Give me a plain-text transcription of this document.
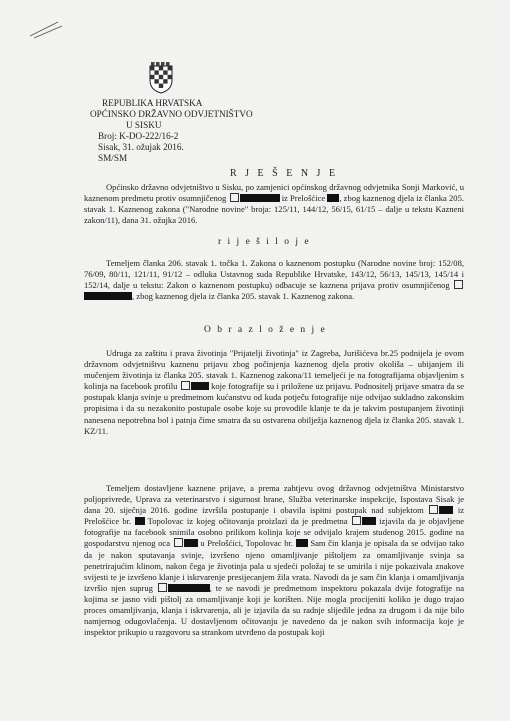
REPUBLIKA HRVATSKA
OPĆINSKO DRŽAVNO ODVJETNIŠTVO
U SISKU
Broj: K-DO-222/16-2
Sisak, 31. ožujak 2016.
SM/SM
R J E Š E N J E
Općinsko državno odvjetništvo u Sisku, po zamjenici općinskog državnog odvjetnika Sonji Marković, u kaznenom predmetu protiv osumnjičenog	iz Prelošćice , zbog kaznenog djela iz članka 205. stavak 1. Kaznenog zakona ("Narodne novine" broja: 125/11, 144/12, 56/15, 61/15 – dalje u tekstu Kazneni zakon/11), dana 31. ožujka 2016.
r i j e š i l o j e
Temeljem članka 206. stavak 1. točka 1. Zakona o kaznenom postupku (Narodne novine broj: 152/08, 76/09, 80/11, 121/11, 91/12 – odluka Ustavnog suda Republike Hrvatske, 143/12, 56/13, 145/13, 145/14 i 152/14, dalje u tekstu: Zakon o kaznenom postupku) odbacuje se kaznena prijava protiv osumnjičenog , zbog kaznenog djela iz članka 205. stavak 1. Kaznenog zakona.
O b r a z l o ž e n j e
Udruga za zaštitu i prava životinja "Prijatelji životinja" iz Zagreba, Jurišićeva br.25 podnijela je ovom državnom odvjetništvu kaznenu prijavu zbog počinjenja kaznenog djela protiv okoliša – ubijanjem ili mučenjem životinja iz članka 205. stavak 1. Kaznenog zakona/11 temeljeći je na fotografijama objavljenim s kolinja na facebook profilu	koje fotografije su i priložene uz prijavu. Podnositelj prijave smatra da se postupak klanja svinje u predmetnom kućanstvu od kuda potječu fotografije nije odvijao sukladno zakonskim propisima i da su nezakonito postupale osobe koje su provodile klanje te da je takvim postupanjem životinji nanesena nepotrebna bol i patnja čime smatra da su ostvarena obilježja kaznenog djela iz članka 205. stavak 1. KZ/11.
Temeljem dostavljene kaznene prijave, a prema zahtjevu ovog državnog odvjetništva Ministarstvo poljoprivrede, Uprava za veterinarstvo i sigurnost hrane, Služba veterinarske inspekcije, Ispostava Sisak je dana 20. siječnja 2016. godine izvršila postupanje i obavila ispitni postupak nad subjektom	iz Prelošćice br. Topolovac iz kojeg očitovanja proizlazi da je predmetna	izjavila da je objavljene fotografije na facebook snimila osobno prilikom kolinja koje se odvijalo krajem studenog 2015. godine na gospodarstvu njenog oca	u Prelošćici, Topolovac br. Sam čin klanja je opisala da se odvijao tako da je nakon sputavanja svinje, izvršeno njeno omamljivanje pištoljem za omamljivanje svinja sa penetrirajućim klinom, nakon čega je životinja pala u sjedeći položaj te se umirila i nije pokazivala znakove svijesti te je izvršeno klanje i iskrvarenje presijecanjem žila vrata. Navodi da je sam čin klanja i omamljivanja izvršio njen suprug	, te se navodi je predmetnom inspektoru pokazala dvije fotografije na kojima se jasno vidi pištolj za omamljivanje koji je korišten. Nije mogla procijeniti koliko je dugo trajao proces omamljivanja, klanja i iskrvarenja, ali je izjavila da su radnje slijedile jedna za drugom i da nije bilo namjernog odugovlačenja. U dostavljenom očitovanju je navedeno da je nakon svih informacija koje je inspektor prikupio u razgovoru sa strankom utvrđeno da postupak koji
